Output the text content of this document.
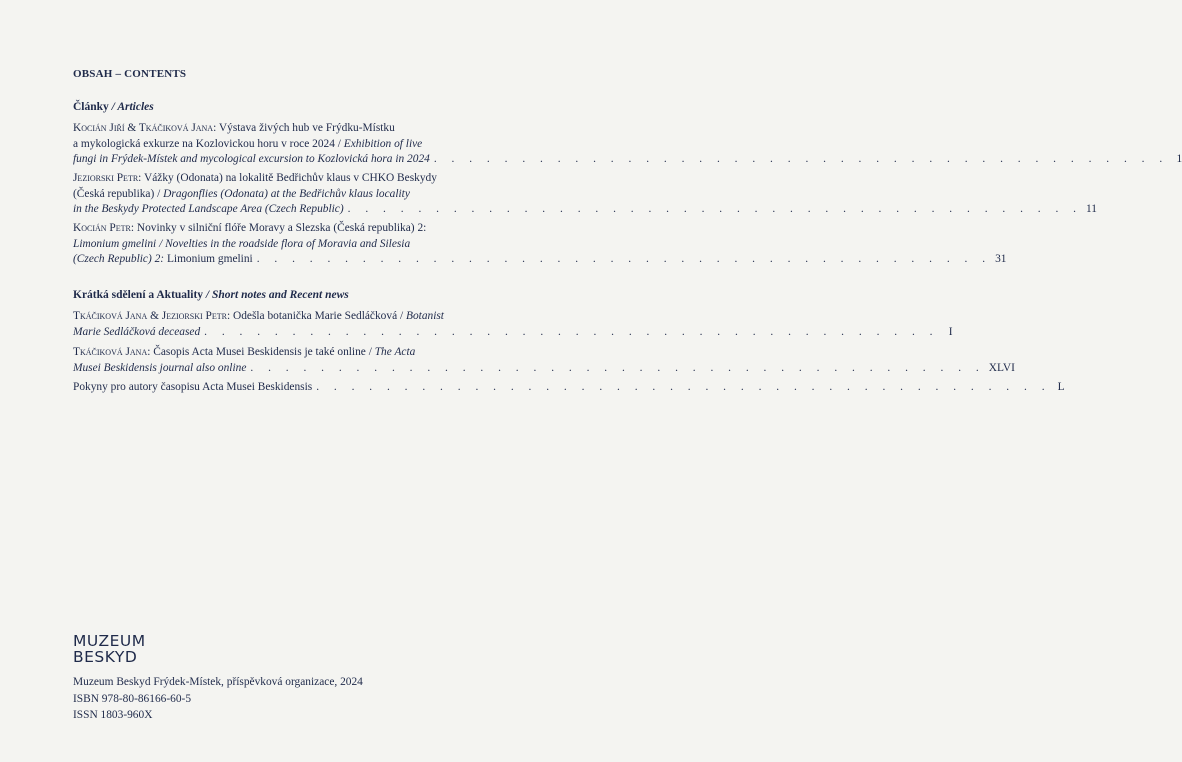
OBSAH – CONTENTS
Články / Articles
Kocián Jiří & Tkáčiková Jana: Výstava živých hub ve Frýdku-Místku
a mykologická exkurze na Kozlovickou horu v roce 2024 / Exhibition of live
fungi in Frýdek-Místek and mycological excursion to Kozlovická hora in 2024 . . . . . . . . . . . . . . . . . . . . . . . . . . . . . . . . . . . . . . . . . . 1
Jeziorski Petr: Vážky (Odonata) na lokalitě Bedřichův klaus v CHKO Beskydy
(Česká republika) / Dragonflies (Odonata) at the Bedřichův klaus locality
in the Beskydy Protected Landscape Area (Czech Republic) . . . . . . . . . . . . . . . . . . . . . . . . . . . . . . . . . . . . . . . . . . 11
Kocián Petr: Novinky v silniční flóře Moravy a Slezska (Česká republika) 2:
Limonium gmelini / Novelties in the roadside flora of Moravia and Silesia
(Czech Republic) 2: Limonium gmelini . . . . . . . . . . . . . . . . . . . . . . . . . . . . . . . . . . . . . . . . . . 31
Krátká sdělení a Aktuality / Short notes and Recent news
Tkáčiková Jana & Jeziorski Petr: Odešla botanička Marie Sedláčková / Botanist
Marie Sedláčková deceased . . . . . . . . . . . . . . . . . . . . . . . . . . . . . . . . . . . . . . . . . . I
Tkáčiková Jana: Časopis Acta Musei Beskidensis je také online / The Acta
Musei Beskidensis journal also online . . . . . . . . . . . . . . . . . . . . . . . . . . . . . . . . . . . . . . . . . . XLVI
Pokyny pro autory časopisu Acta Musei Beskidensis . . . . . . . . . . . . . . . . . . . . . . . . . . . . . . . . . . . . . . . . . . L
MUZEUM
BESKYD
Muzeum Beskyd Frýdek-Místek, příspěvková organizace, 2024
ISBN 978-80-86166-60-5
ISSN 1803-960X
